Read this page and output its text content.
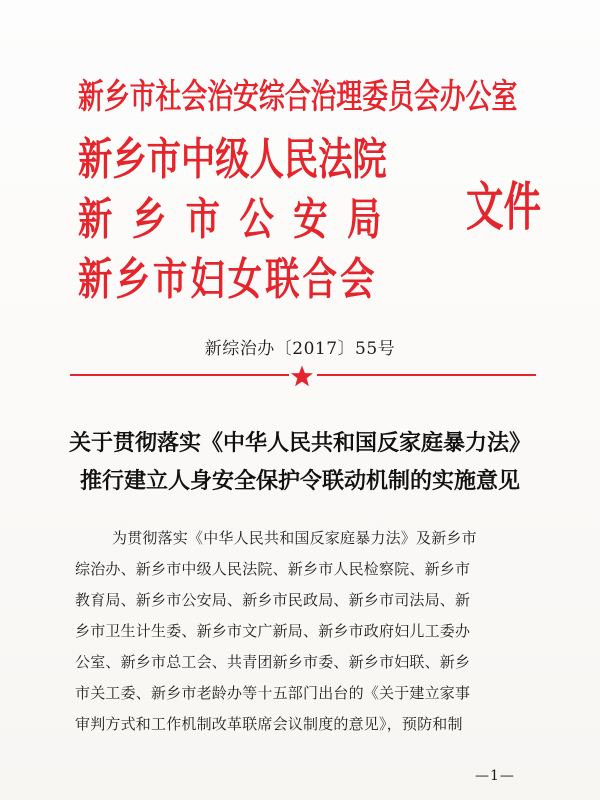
新乡市社会治安综合治理委员会办公室
新乡市中级人民法院
新乡市公安局
新乡市妇女联合会
文件
新综治办〔2017〕55号
关于贯彻落实《中华人民共和国反家庭暴力法》
推行建立人身安全保护令联动机制的实施意见
为贯彻落实《中华人民共和国反家庭暴力法》及新乡市
综治办、新乡市中级人民法院、新乡市人民检察院、新乡市
教育局、新乡市公安局、新乡市民政局、新乡市司法局、新
乡市卫生计生委、新乡市文广新局、新乡市政府妇儿工委办
公室、新乡市总工会、共青团新乡市委、新乡市妇联、新乡
市关工委、新乡市老龄办等十五部门出台的《关于建立家事
审判方式和工作机制改革联席会议制度的意见》，预防和制
—1—
